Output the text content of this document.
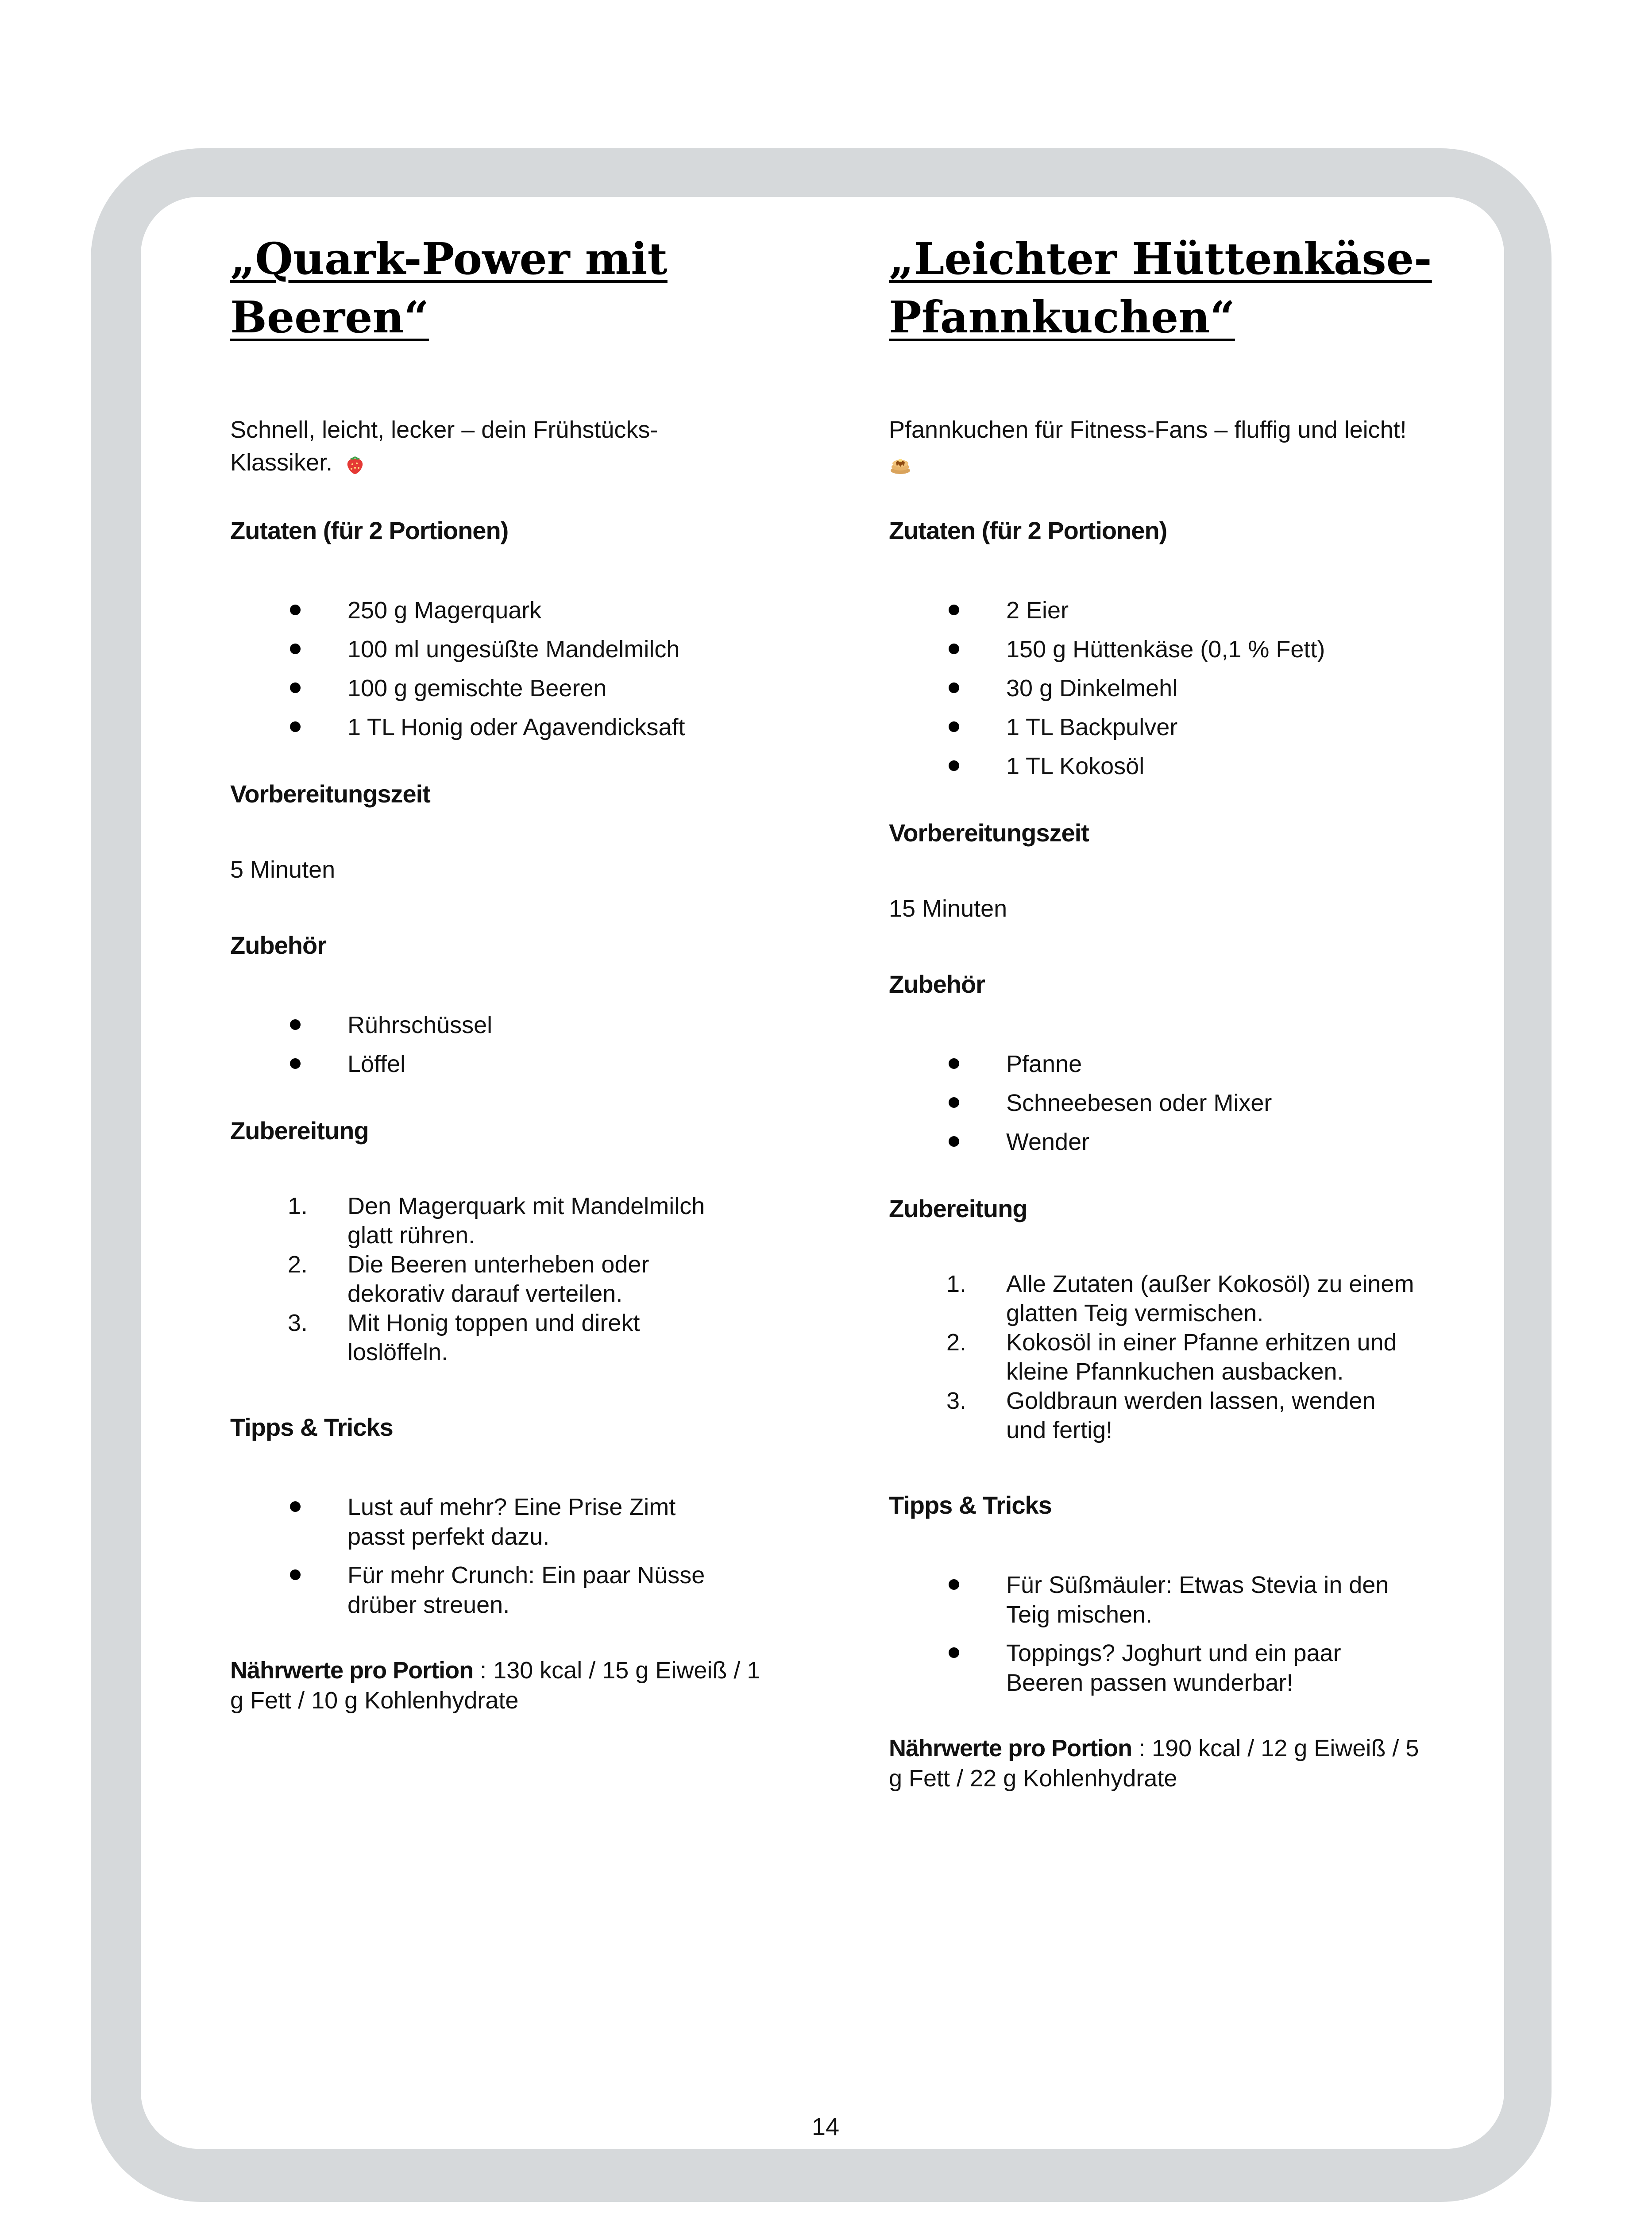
„Quark-Power mit
Beeren“

Schnell, leicht, lecker – dein Frühstücks-Klassiker.

Zutaten (für 2 Portionen)

250 g Magerquark
100 ml ungesüßte Mandelmilch
100 g gemischte Beeren
1 TL Honig oder Agavendicksaft

Vorbereitungszeit

5 Minuten

Zubehör

Rührschüssel
Löffel

Zubereitung

1. Den Magerquark mit Mandelmilch glatt rühren.
2. Die Beeren unterheben oder dekorativ darauf verteilen.
3. Mit Honig toppen und direkt loslöffeln.

Tipps & Tricks

Lust auf mehr? Eine Prise Zimt passt perfekt dazu.
Für mehr Crunch: Ein paar Nüsse drüber streuen.

Nährwerte pro Portion : 130 kcal / 15 g Eiweiß / 1 g Fett / 10 g Kohlenhydrate

„Leichter Hüttenkäse-
Pfannkuchen“

Pfannkuchen für Fitness-Fans – fluffig und leicht!

Zutaten (für 2 Portionen)

2 Eier
150 g Hüttenkäse (0,1 % Fett)
30 g Dinkelmehl
1 TL Backpulver
1 TL Kokosöl

Vorbereitungszeit

15 Minuten

Zubehör

Pfanne
Schneebesen oder Mixer
Wender

Zubereitung

1. Alle Zutaten (außer Kokosöl) zu einem glatten Teig vermischen.
2. Kokosöl in einer Pfanne erhitzen und kleine Pfannkuchen ausbacken.
3. Goldbraun werden lassen, wenden und fertig!

Tipps & Tricks

Für Süßmäuler: Etwas Stevia in den Teig mischen.
Toppings? Joghurt und ein paar Beeren passen wunderbar!

Nährwerte pro Portion : 190 kcal / 12 g Eiweiß / 5 g Fett / 22 g Kohlenhydrate

14
